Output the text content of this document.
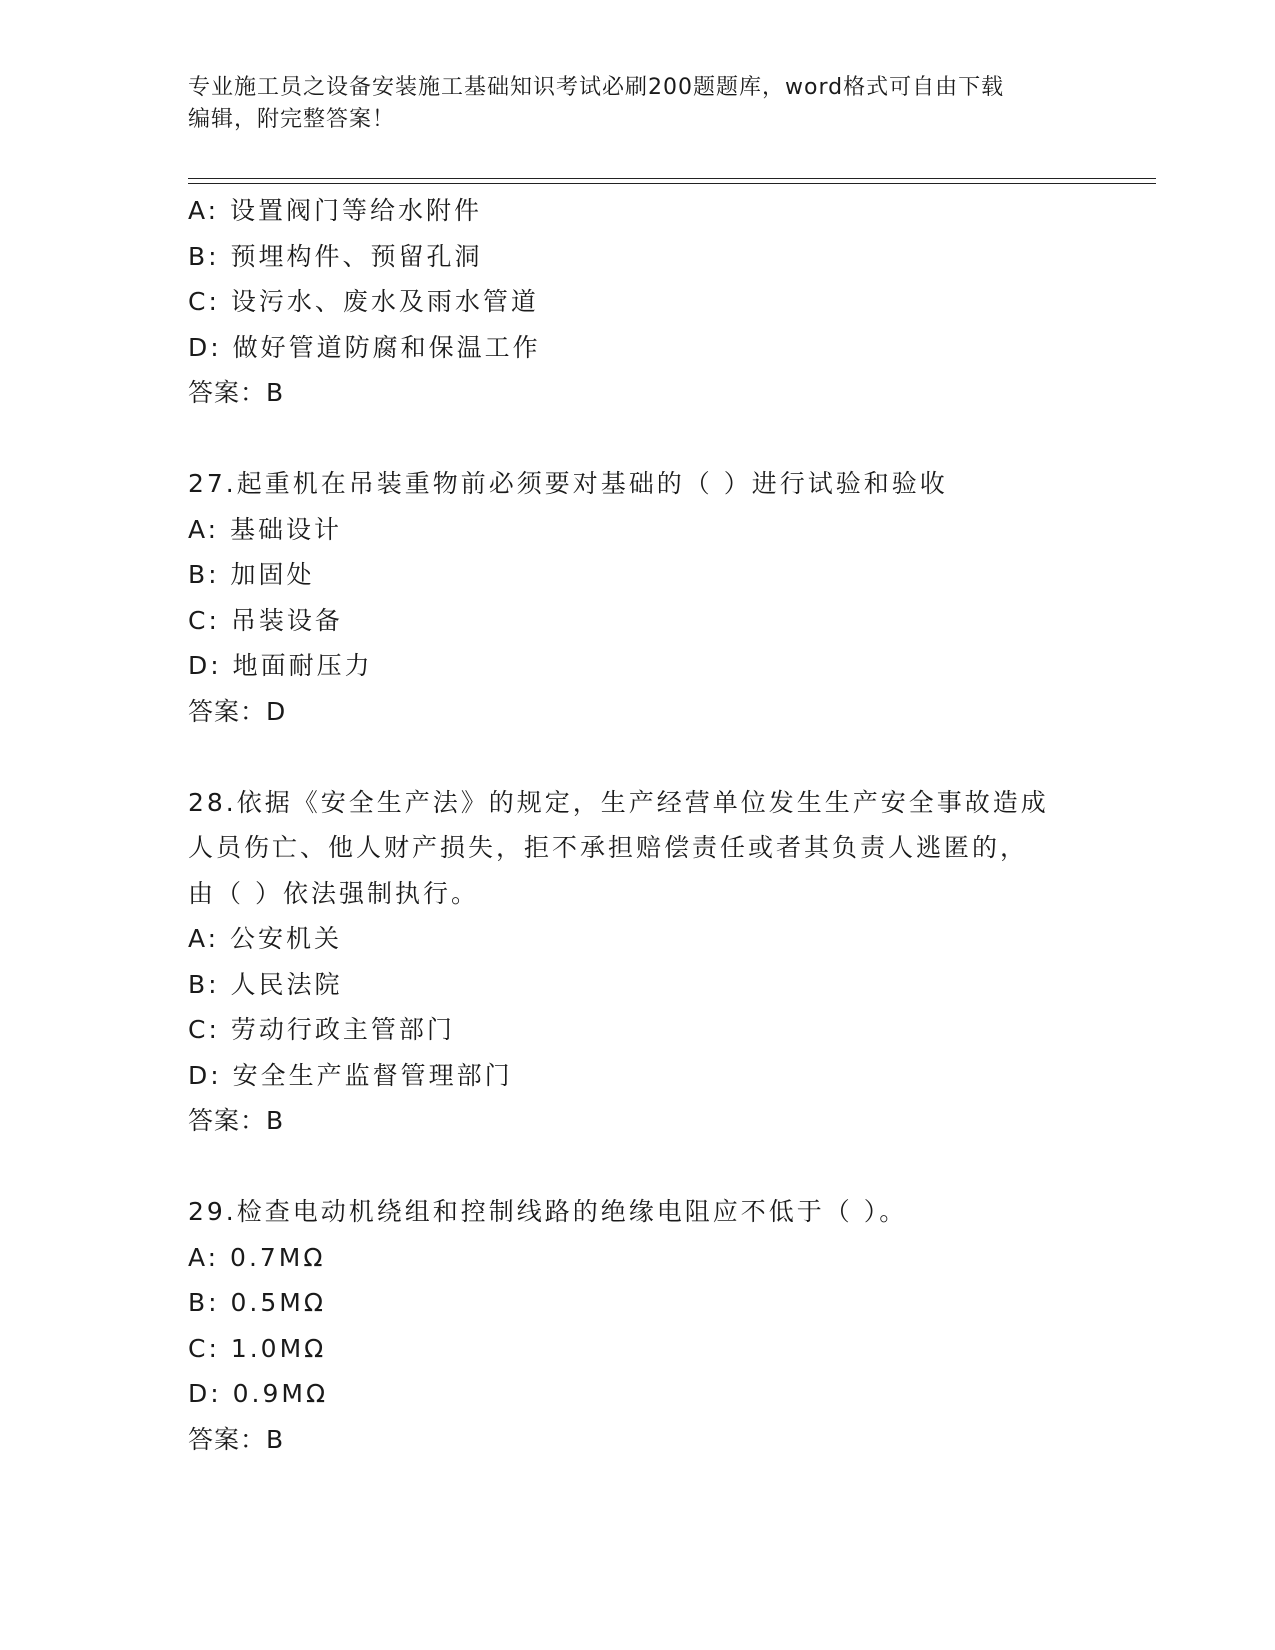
专业施工员之设备安装施工基础知识考试必刷200题题库，word格式可自由下载
编辑，附完整答案！
A: 设置阀门等给水附件
B: 预埋构件、预留孔洞
C: 设污水、废水及雨水管道
D: 做好管道防腐和保温工作
答案：B
27.起重机在吊装重物前必须要对基础的（ ）进行试验和验收
A: 基础设计
B: 加固处
C: 吊装设备
D: 地面耐压力
答案：D
28.依据《安全生产法》的规定，生产经营单位发生生产安全事故造成
人员伤亡、他人财产损失，拒不承担赔偿责任或者其负责人逃匿的，
由（ ）依法强制执行。
A: 公安机关
B: 人民法院
C: 劳动行政主管部门
D: 安全生产监督管理部门
答案：B
29.检查电动机绕组和控制线路的绝缘电阻应不低于（ ）。
A: 0.7MΩ
B: 0.5MΩ
C: 1.0MΩ
D: 0.9MΩ
答案：B
